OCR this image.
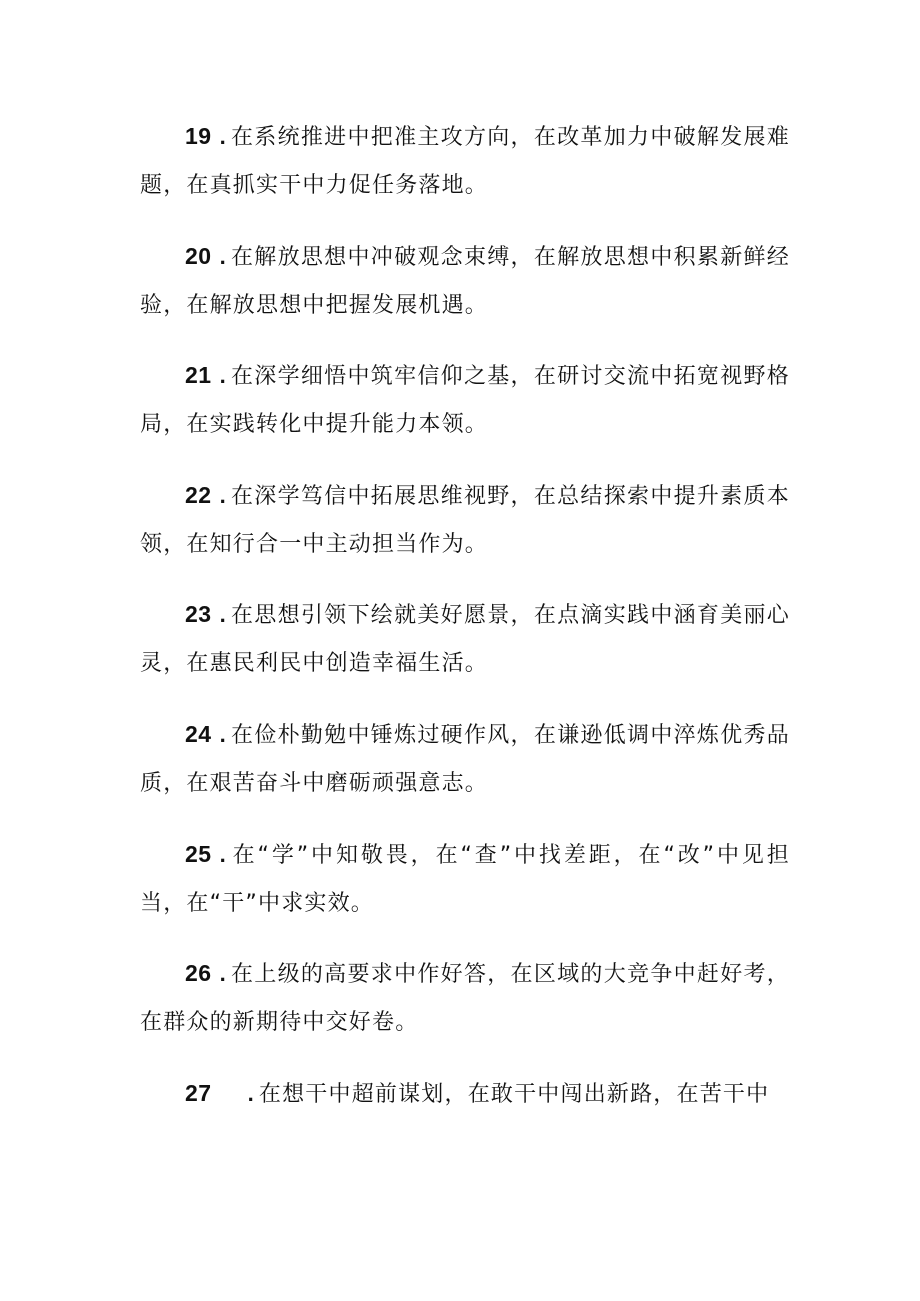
19 . 在系统推进中把准主攻方向，在改革加力中破解发展难题，在真抓实干中力促任务落地。

20 . 在解放思想中冲破观念束缚，在解放思想中积累新鲜经验，在解放思想中把握发展机遇。

21 . 在深学细悟中筑牢信仰之基，在研讨交流中拓宽视野格局，在实践转化中提升能力本领。

22 . 在深学笃信中拓展思维视野，在总结探索中提升素质本领，在知行合一中主动担当作为。

23 . 在思想引领下绘就美好愿景，在点滴实践中涵育美丽心灵，在惠民利民中创造幸福生活。

24 . 在俭朴勤勉中锤炼过硬作风，在谦逊低调中淬炼优秀品质，在艰苦奋斗中磨砺顽强意志。

25 . 在“学”中知敬畏，在“查”中找差距，在“改”中见担当，在“干”中求实效。

26 . 在上级的高要求中作好答，在区域的大竞争中赶好考，在群众的新期待中交好卷。

27 . 在想干中超前谋划，在敢干中闯出新路，在苦干中
